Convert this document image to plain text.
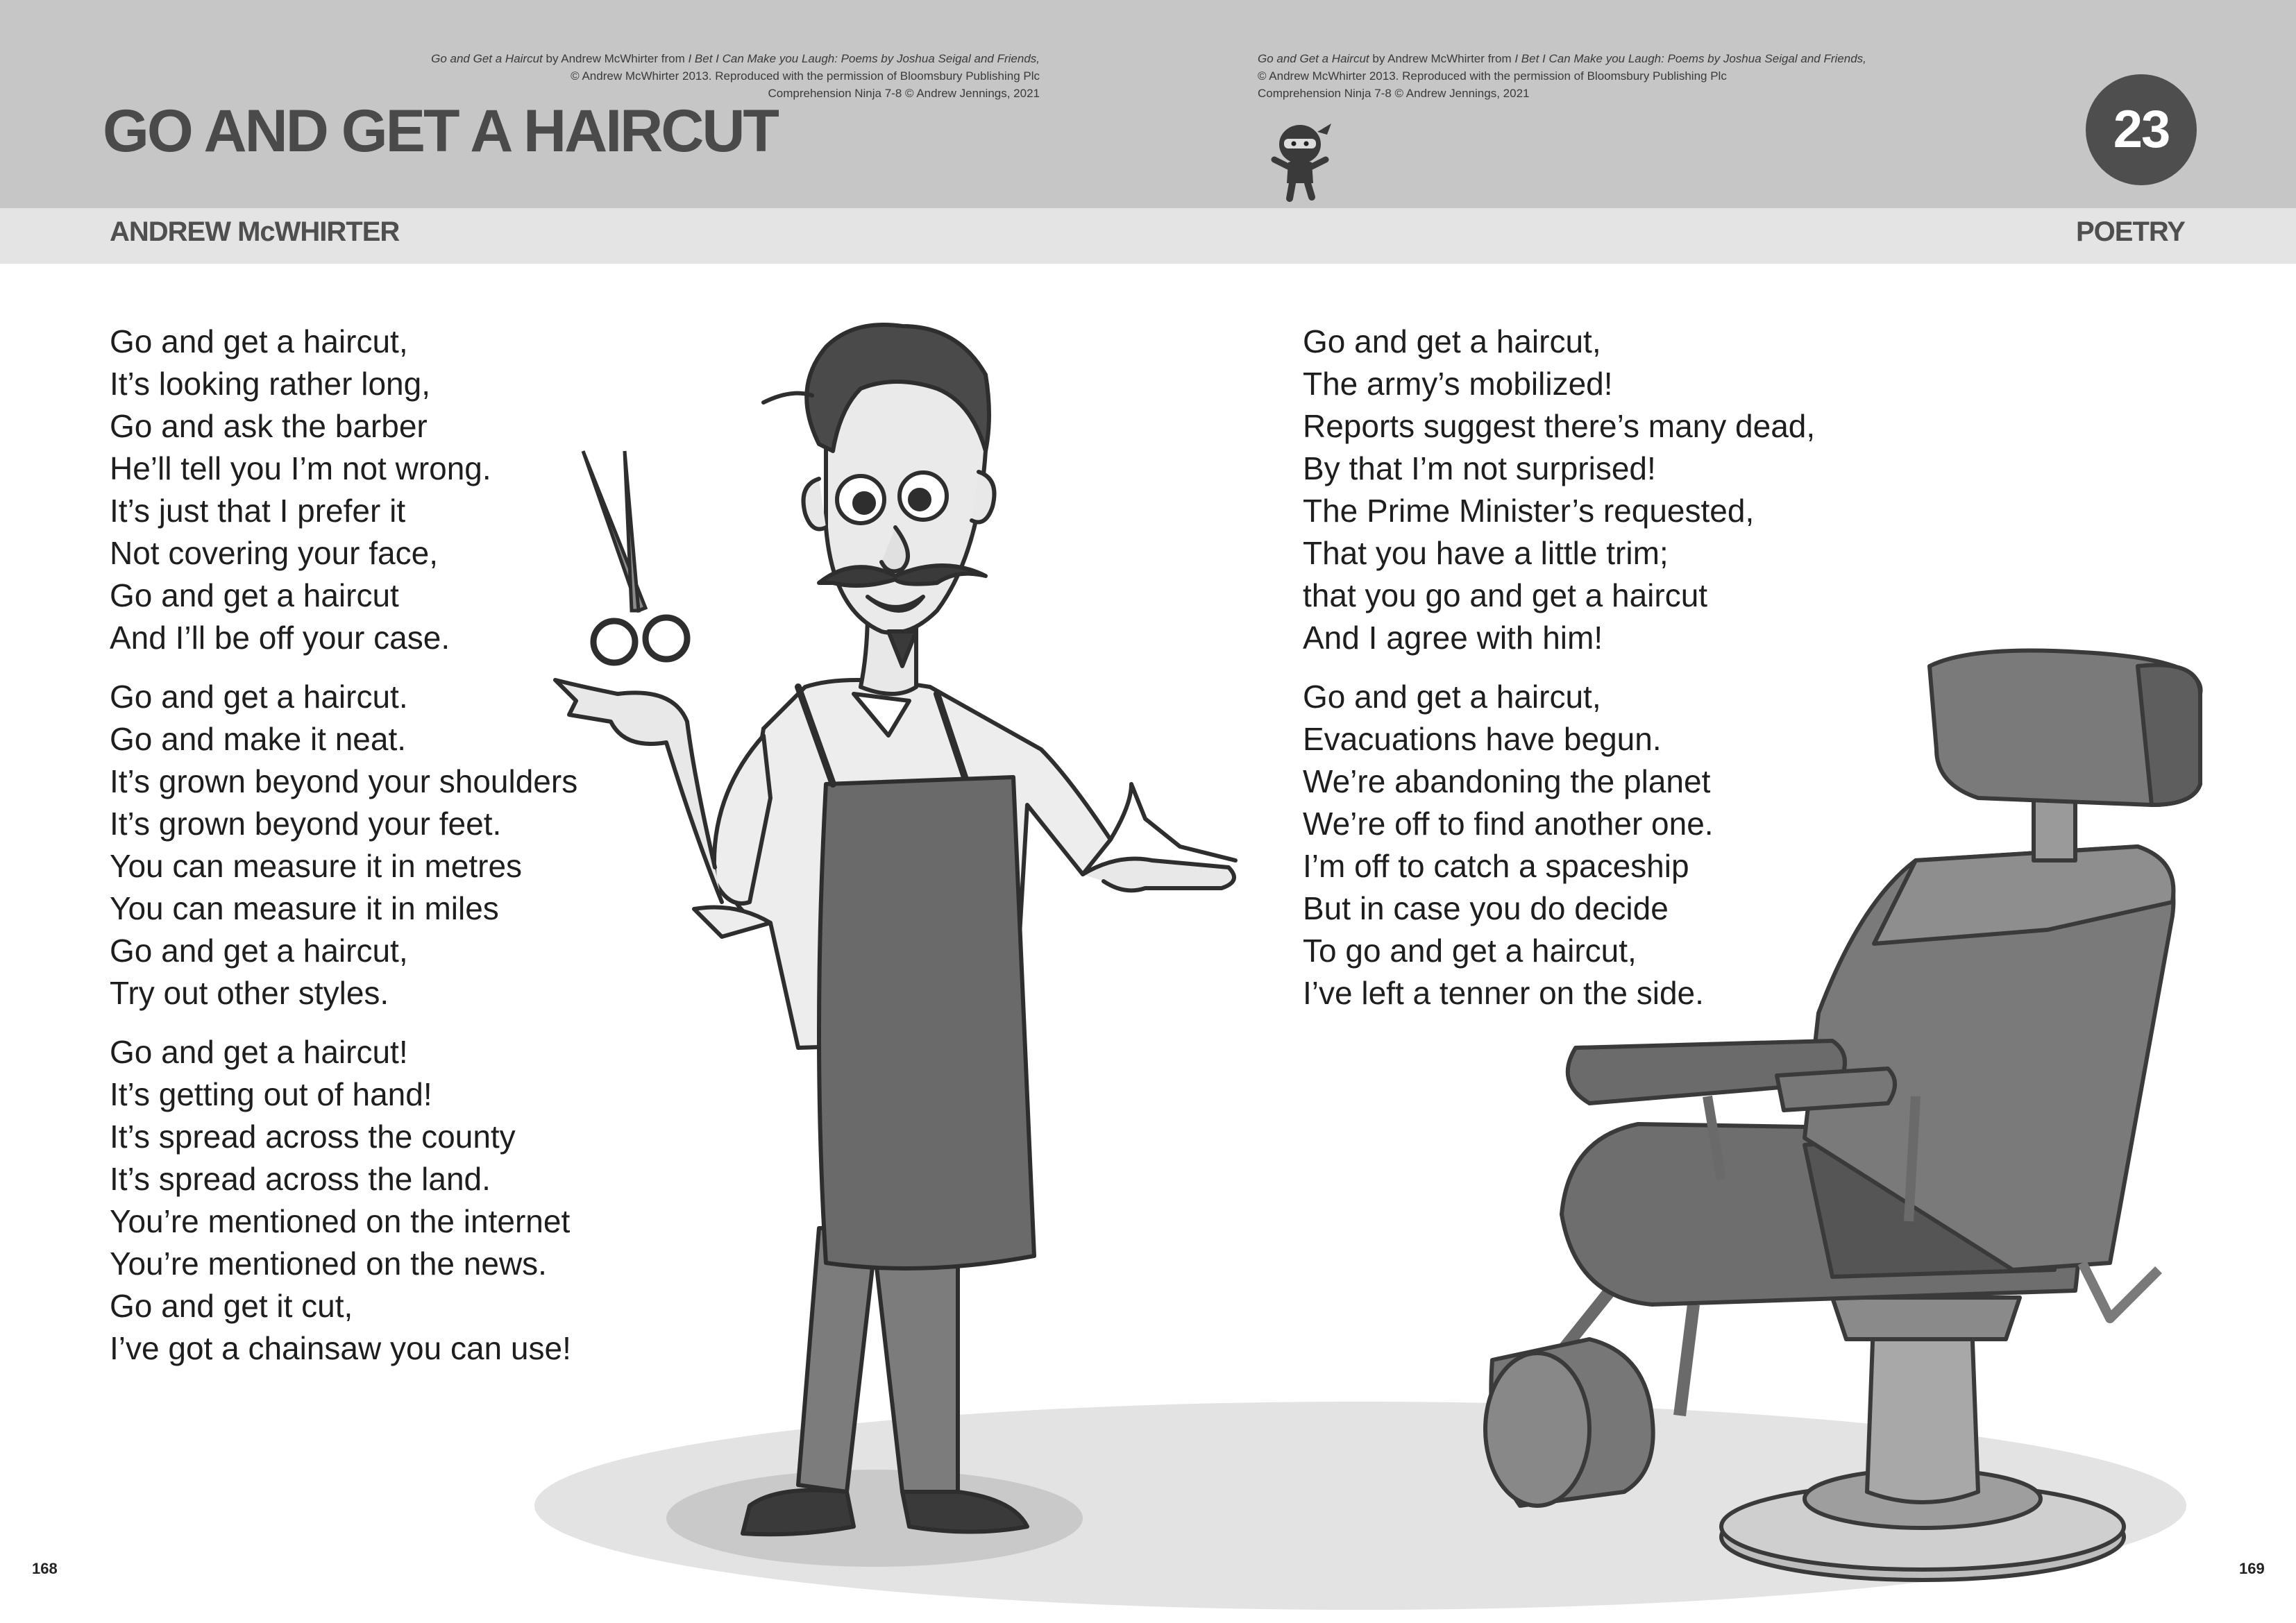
GO AND GET A HAIRCUT
Go and Get a Haircut by Andrew McWhirter from I Bet I Can Make you Laugh: Poems by Joshua Seigal and Friends,
© Andrew McWhirter 2013. Reproduced with the permission of Bloomsbury Publishing Plc
Comprehension Ninja 7-8 © Andrew Jennings, 2021
Go and Get a Haircut by Andrew McWhirter from I Bet I Can Make you Laugh: Poems by Joshua Seigal and Friends,
© Andrew McWhirter 2013. Reproduced with the permission of Bloomsbury Publishing Plc
Comprehension Ninja 7-8 © Andrew Jennings, 2021
23
ANDREW McWHIRTER	POETRY
Go and get a haircut,
It’s looking rather long,
Go and ask the barber
He’ll tell you I’m not wrong.
It’s just that I prefer it
Not covering your face,
Go and get a haircut
And I’ll be off your case.
Go and get a haircut.
Go and make it neat.
It’s grown beyond your shoulders
It’s grown beyond your feet.
You can measure it in metres
You can measure it in miles
Go and get a haircut,
Try out other styles.
Go and get a haircut!
It’s getting out of hand!
It’s spread across the county
It’s spread across the land.
You’re mentioned on the internet
You’re mentioned on the news.
Go and get it cut,
I’ve got a chainsaw you can use!
Go and get a haircut,
The army’s mobilized!
Reports suggest there’s many dead,
By that I’m not surprised!
The Prime Minister’s requested,
That you have a little trim;
that you go and get a haircut
And I agree with him!
Go and get a haircut,
Evacuations have begun.
We’re abandoning the planet
We’re off to find another one.
I’m off to catch a spaceship
But in case you do decide
To go and get a haircut,
I’ve left a tenner on the side.
168	169
